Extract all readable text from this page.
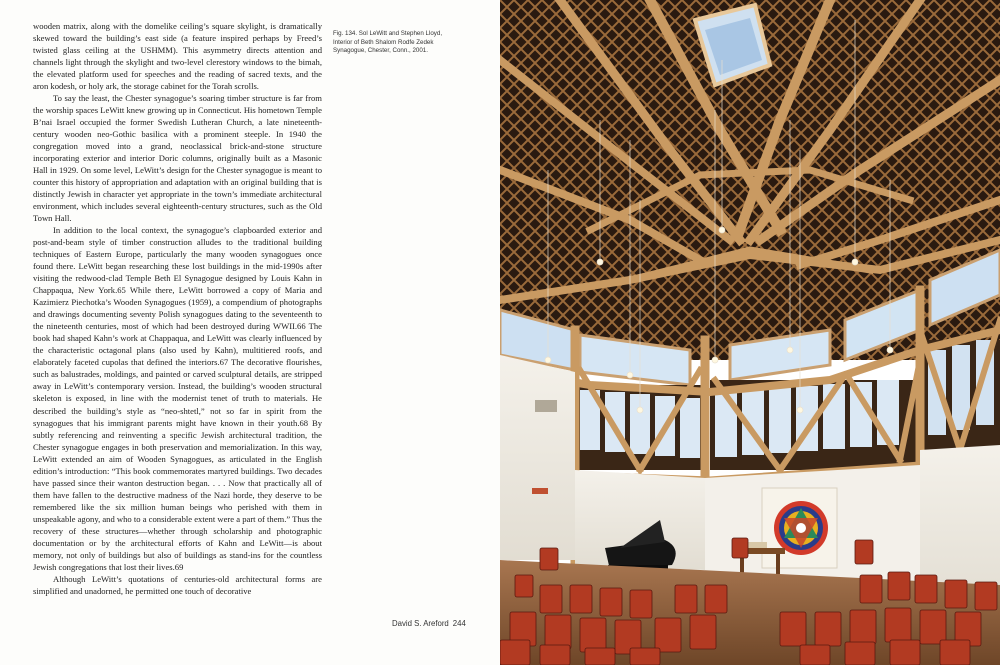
wooden matrix, along with the domelike ceiling’s square skylight, is dramatically skewed toward the building’s east side (a feature inspired perhaps by Freed’s twisted glass ceiling at the USHMM). This asymmetry directs attention and channels light through the skylight and two-level clerestory windows to the bimah, the elevated platform used for speeches and the reading of sacred texts, and the aron kodesh, or holy ark, the storage cabinet for the Torah scrolls.

To say the least, the Chester synagogue’s soaring timber structure is far from the worship spaces LeWitt knew growing up in Connecticut. His hometown Temple B’nai Israel occupied the former Swedish Lutheran Church, a late nineteenth-century wooden neo-Gothic basilica with a prominent steeple. In 1940 the congregation moved into a grand, neoclassical brick-and-stone structure incorporating exterior and interior Doric columns, originally built as a Masonic Hall in 1929. On some level, LeWitt’s design for the Chester synagogue is meant to counter this history of appropriation and adaptation with an original building that is distinctly Jewish in character yet appropriate in the town’s immediate architectural environment, which includes several eighteenth-century structures, such as the Old Town Hall.

In addition to the local context, the synagogue’s clapboarded exterior and post-and-beam style of timber construction alludes to the traditional building techniques of Eastern Europe, particularly the many wooden synagogues once found there. LeWitt began researching these lost buildings in the mid-1990s after visiting the redwood-clad Temple Beth El Synagogue designed by Louis Kahn in Chappaqua, New York.65 While there, LeWitt borrowed a copy of Maria and Kazimierz Piechotka’s Wooden Synagogues (1959), a compendium of photographs and drawings documenting seventy Polish synagogues dating to the seventeenth to the nineteenth centuries, most of which had been destroyed during WWII.66 The book had shaped Kahn’s work at Chappaqua, and LeWitt was clearly influenced by the characteristic octagonal plans (also used by Kahn), multitiered roofs, and elaborately faceted cupolas that defined the interiors.67 The decorative flourishes, such as balustrades, moldings, and painted or carved sculptural details, are stripped away in LeWitt’s contemporary version. Instead, the building’s wooden structural skeleton is exposed, in line with the modernist tenet of truth to materials. He described the building’s style as “neo-shtetl,” not so far in spirit from the synagogues that his immigrant parents might have known in their youth.68 By subtly referencing and reinventing a specific Jewish architectural tradition, the Chester synagogue engages in both preservation and memorialization. In this way, LeWitt extended an aim of Wooden Synagogues, as articulated in the English edition’s introduction: “This book commemorates martyred buildings. Two decades have passed since their wanton destruction began. . . . Now that practically all of them have fallen to the destructive madness of the Nazi horde, they deserve to be remembered like the six million human beings who perished with them in unspeakable agony, and who to a considerable extent were a part of them.” Thus the recovery of these structures—whether through scholarship and photographic documentation or by the architectural efforts of Kahn and LeWitt—is about memory, not only of buildings but also of buildings as stand-ins for the countless Jewish congregations that lost their lives.69

Although LeWitt’s quotations of centuries-old architectural forms are simplified and unadorned, he permitted one touch of decorative

Fig. 134. Sol LeWitt and Stephen Lloyd, Interior of Beth Shalom Rodfe Zedek Synagogue, Chester, Conn., 2001.
David S. Areford 244
